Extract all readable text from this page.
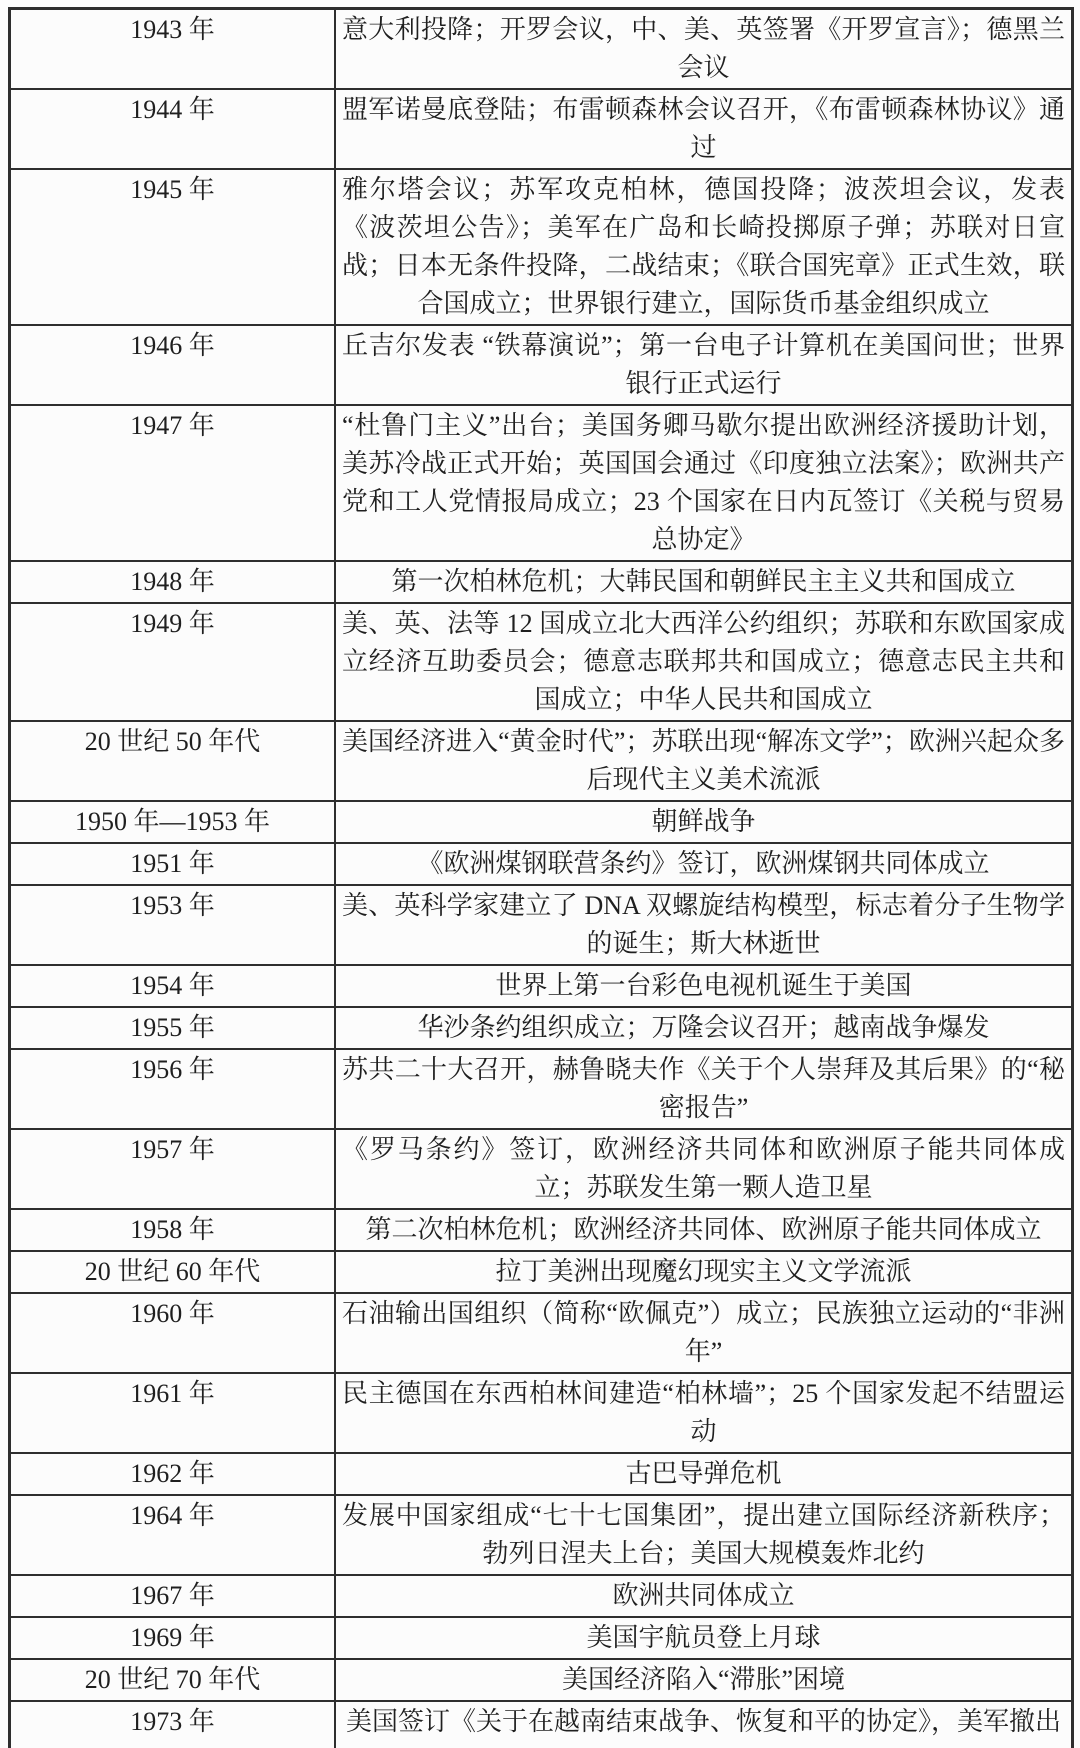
1943 年	意大利投降；开罗会议，中、美、英签署《开罗宣言》；德黑兰会议
1944 年	盟军诺曼底登陆；布雷顿森林会议召开，《布雷顿森林协议》通过
1945 年	雅尔塔会议；苏军攻克柏林，德国投降；波茨坦会议，发表《波茨坦公告》；美军在广岛和长崎投掷原子弹；苏联对日宣战；日本无条件投降，二战结束；《联合国宪章》正式生效，联合国成立；世界银行建立，国际货币基金组织成立
1946 年	丘吉尔发表 “铁幕演说”；第一台电子计算机在美国问世；世界银行正式运行
1947 年	“杜鲁门主义”出台；美国务卿马歇尔提出欧洲经济援助计划，美苏冷战正式开始；英国国会通过《印度独立法案》；欧洲共产党和工人党情报局成立；23 个国家在日内瓦签订《关税与贸易总协定》
1948 年	第一次柏林危机；大韩民国和朝鲜民主主义共和国成立
1949 年	美、英、法等 12 国成立北大西洋公约组织；苏联和东欧国家成立经济互助委员会；德意志联邦共和国成立；德意志民主共和国成立；中华人民共和国成立
20 世纪 50 年代	美国经济进入“黄金时代”；苏联出现“解冻文学”；欧洲兴起众多后现代主义美术流派
1950 年—1953 年	朝鲜战争
1951 年	《欧洲煤钢联营条约》签订，欧洲煤钢共同体成立
1953 年	美、英科学家建立了 DNA 双螺旋结构模型，标志着分子生物学的诞生；斯大林逝世
1954 年	世界上第一台彩色电视机诞生于美国
1955 年	华沙条约组织成立；万隆会议召开；越南战争爆发
1956 年	苏共二十大召开，赫鲁晓夫作《关于个人崇拜及其后果》的“秘密报告”
1957 年	《罗马条约》签订，欧洲经济共同体和欧洲原子能共同体成立；苏联发生第一颗人造卫星
1958 年	第二次柏林危机；欧洲经济共同体、欧洲原子能共同体成立
20 世纪 60 年代	拉丁美洲出现魔幻现实主义文学流派
1960 年	石油输出国组织（简称“欧佩克”）成立；民族独立运动的“非洲年”
1961 年	民主德国在东西柏林间建造“柏林墙”；25 个国家发起不结盟运动
1962 年	古巴导弹危机
1964 年	发展中国家组成“七十七国集团”，提出建立国际经济新秩序；勃列日涅夫上台；美国大规模轰炸北约
1967 年	欧洲共同体成立
1969 年	美国宇航员登上月球
20 世纪 70 年代	美国经济陷入“滞胀”困境
1973 年	美国签订《关于在越南结束战争、恢复和平的协定》，美军撤出
